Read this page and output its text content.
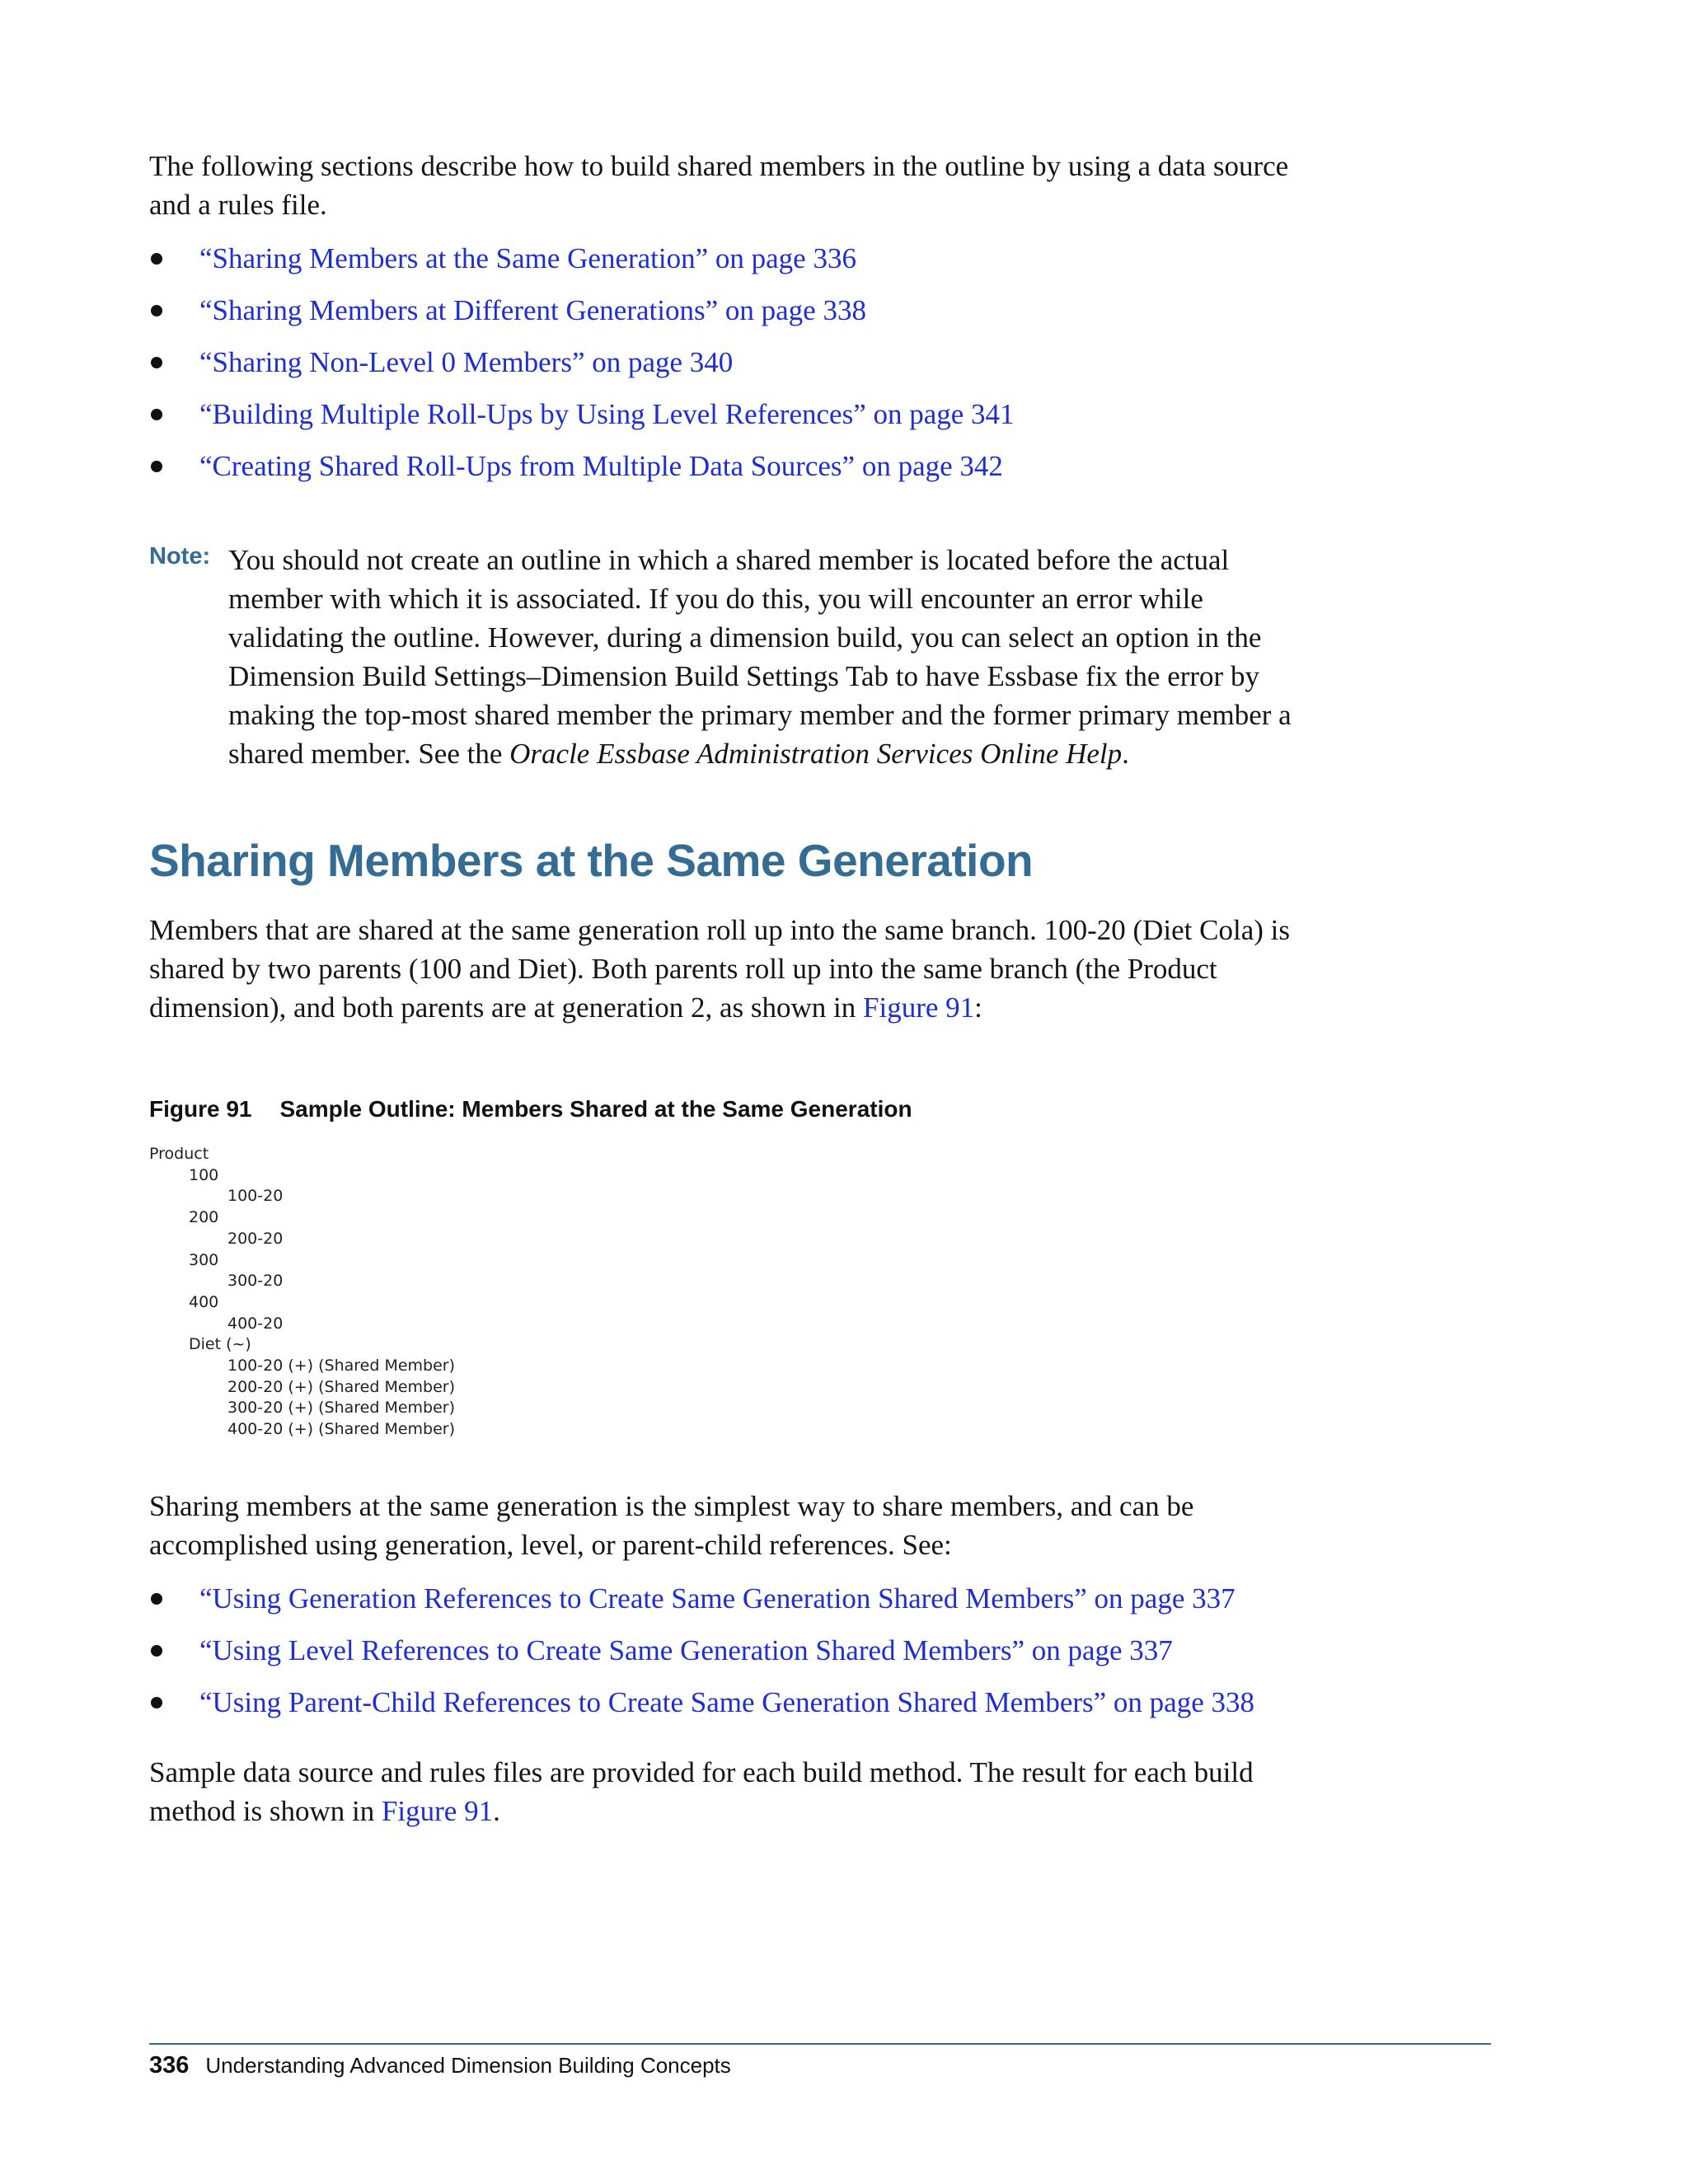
The following sections describe how to build shared members in the outline by using a data source and a rules file.

“Sharing Members at the Same Generation” on page 336
“Sharing Members at Different Generations” on page 338
“Sharing Non-Level 0 Members” on page 340
“Building Multiple Roll-Ups by Using Level References” on page 341
“Creating Shared Roll-Ups from Multiple Data Sources” on page 342
Note: You should not create an outline in which a shared member is located before the actual member with which it is associated. If you do this, you will encounter an error while validating the outline. However, during a dimension build, you can select an option in the Dimension Build Settings–Dimension Build Settings Tab to have Essbase fix the error by making the top-most shared member the primary member and the former primary member a shared member. See the Oracle Essbase Administration Services Online Help.

Sharing Members at the Same Generation

Members that are shared at the same generation roll up into the same branch. 100-20 (Diet Cola) is shared by two parents (100 and Diet). Both parents roll up into the same branch (the Product dimension), and both parents are at generation 2, as shown in Figure 91:

Figure 91 Sample Outline: Members Shared at the Same Generation
Product
100
100-20
200
200-20
300
300-20
400
400-20
Diet (~)
100-20 (+) (Shared Member)
200-20 (+) (Shared Member)
300-20 (+) (Shared Member)
400-20 (+) (Shared Member)

Sharing members at the same generation is the simplest way to share members, and can be accomplished using generation, level, or parent-child references. See:

“Using Generation References to Create Same Generation Shared Members” on page 337
“Using Level References to Create Same Generation Shared Members” on page 337
“Using Parent-Child References to Create Same Generation Shared Members” on page 338

Sample data source and rules files are provided for each build method. The result for each build method is shown in Figure 91.

336 Understanding Advanced Dimension Building Concepts
